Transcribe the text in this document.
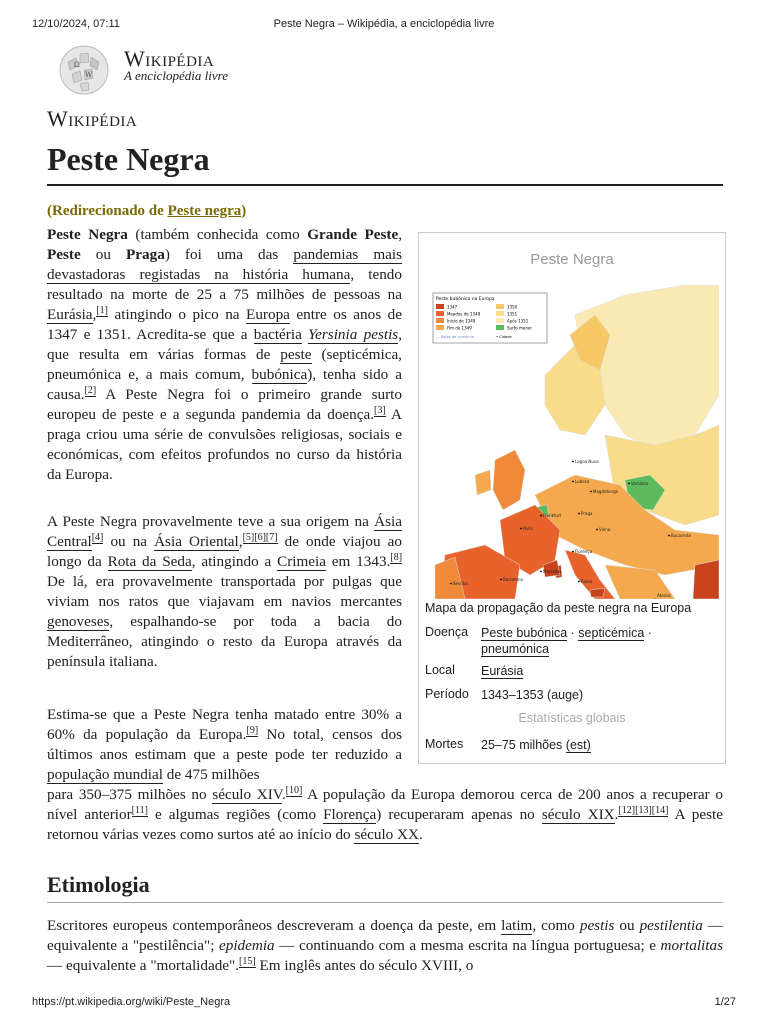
12/10/2024, 07:11	Peste Negra – Wikipédia, a enciclopédia livre
Ω
W
Wikipédia
A enciclopédia livre
Wikipédia
Peste Negra
(Redirecionado de Peste negra)

Peste Negra (também conhecida como Grande Peste, Peste ou Praga) foi uma das pandemias mais devastadoras registadas na história humana, tendo resultado na morte de 25 a 75 milhões de pessoas na Eurásia,[1] atingindo o pico na Europa entre os anos de 1347 e 1351. Acredita-se que a bactéria Yersinia pestis, que resulta em várias formas de peste (septicémica, pneumónica e, a mais comum, bubónica), tenha sido a causa.[2] A Peste Negra foi o primeiro grande surto europeu de peste e a segunda pandemia da doença.[3] A praga criou uma série de convulsões religiosas, sociais e económicas, com efeitos profundos no curso da história da Europa.

A Peste Negra provavelmente teve a sua origem na Ásia Central[4] ou na Ásia Oriental,[5][6][7] de onde viajou ao longo da Rota da Seda, atingindo a Crimeia em 1343.[8] De lá, era provavelmente transportada por pulgas que viviam nos ratos que viajavam em navios mercantes genoveses, espalhando-se por toda a bacia do Mediterrâneo, atingindo o resto da Europa através da península italiana.

Estima-se que a Peste Negra tenha matado entre 30% a 60% da população da Europa.[9] No total, censos dos últimos anos estimam que a peste pode ter reduzido a população mundial de 475 milhões
para 350–375 milhões no século XIV.[10] A população da Europa demorou cerca de 200 anos a recuperar o nível anterior[11] e algumas regiões (como Florença) recuperaram apenas no século XIX.[12][13][14] A peste retornou várias vezes como surtos até ao início do século XX.

Peste Negra
Peste bubónica na Europa
1347
Meados de 1348
Início de 1349
Fim de 1349
1350
1351
Após 1351
Surto menor
— Rotas de comércio	• Cidade
Lagoa Nuva
Varsóvia
Magdeburgo
Frankfurt	Praga
Viena
Lubeca
Bucareste
Paris
Marselha
Florença
Roma
Barcelona
Sevilha
Atenas
Mapa da propagação da peste negra na Europa
Doença Peste bubónica · septicémica · pneumónica
Local Eurásia
Período 1343–1353 (auge)
Estatísticas globais
Mortes 25–75 milhões (est)
Etimologia

Escritores europeus contemporâneos descreveram a doença da peste, em latim, como pestis ou pestilentia — equivalente a "pestilência"; epidemia — continuando com a mesma escrita na língua portuguesa; e mortalitas — equivalente a "mortalidade".[15] Em inglês antes do século XVIII, o

https://pt.wikipedia.org/wiki/Peste_Negra	1/27
